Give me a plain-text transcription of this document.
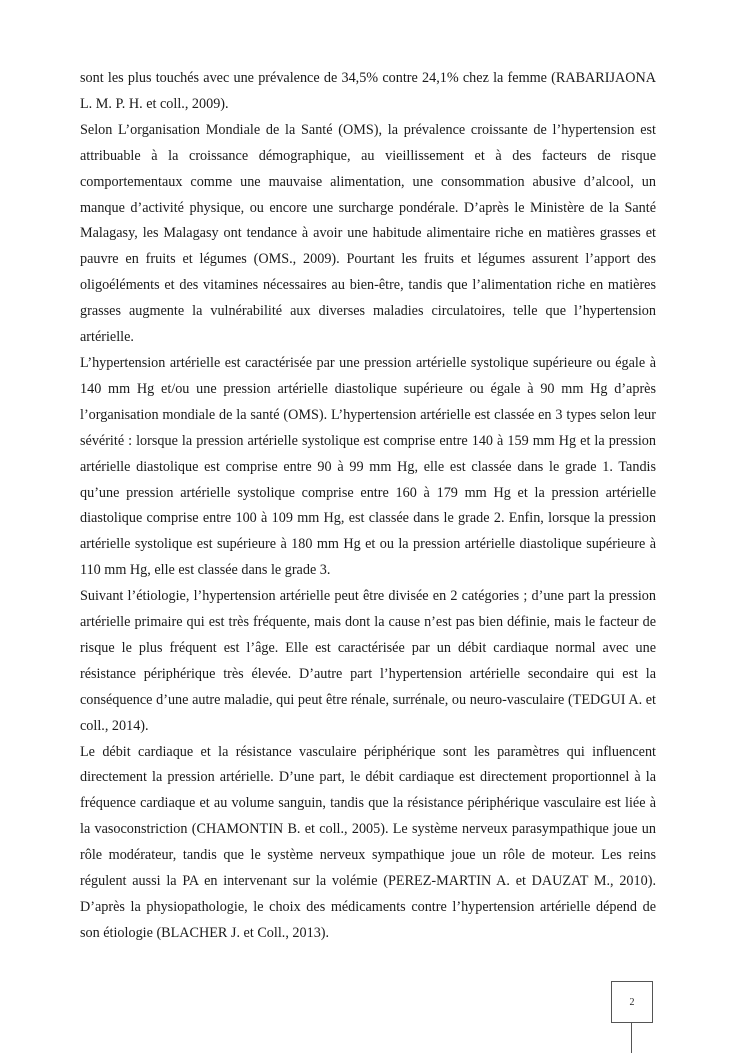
sont les plus touchés avec une prévalence de 34,5% contre 24,1% chez la femme (RABARIJAONA L. M. P. H. et coll., 2009).

Selon L’organisation Mondiale de la Santé (OMS), la prévalence croissante de l’hypertension est attribuable à la croissance démographique, au vieillissement et à des facteurs de risque comportementaux comme une mauvaise alimentation, une consommation abusive d’alcool, un manque d’activité physique, ou encore une surcharge pondérale. D’après le Ministère de la Santé Malagasy, les Malagasy ont tendance à avoir une habitude alimentaire riche en matières grasses et pauvre en fruits et légumes (OMS., 2009). Pourtant les fruits et légumes assurent l’apport des oligoéléments et des vitamines nécessaires au bien-être, tandis que l’alimentation riche en matières grasses augmente la vulnérabilité aux diverses maladies circulatoires, telle que l’hypertension artérielle.

L’hypertension artérielle est caractérisée par une pression artérielle systolique supérieure ou égale à 140 mm Hg et/ou une pression artérielle diastolique supérieure ou égale à 90 mm Hg d’après l’organisation mondiale de la santé (OMS). L’hypertension artérielle est classée en 3 types selon leur sévérité : lorsque la pression artérielle systolique est comprise entre 140 à 159 mm Hg et la pression artérielle diastolique est comprise entre 90 à 99 mm Hg, elle est classée dans le grade 1. Tandis qu’une pression artérielle systolique comprise entre 160 à 179 mm Hg et la pression artérielle diastolique comprise entre 100 à 109 mm Hg, est classée dans le grade 2. Enfin, lorsque la pression artérielle systolique est supérieure à 180 mm Hg et ou la pression artérielle diastolique supérieure à 110 mm Hg, elle est classée dans le grade 3.

Suivant l’étiologie, l’hypertension artérielle peut être divisée en 2 catégories ; d’une part la pression artérielle primaire qui est très fréquente, mais dont la cause n’est pas bien définie, mais le facteur de risque le plus fréquent est l’âge. Elle est caractérisée par un débit cardiaque normal avec une résistance périphérique très élevée. D’autre part l’hypertension artérielle secondaire qui est la conséquence d’une autre maladie, qui peut être rénale, surrénale, ou neuro-vasculaire (TEDGUI A. et coll., 2014).

Le débit cardiaque et la résistance vasculaire périphérique sont les paramètres qui influencent directement la pression artérielle. D’une part, le débit cardiaque est directement proportionnel à la fréquence cardiaque et au volume sanguin, tandis que la résistance périphérique vasculaire est liée à la vasoconstriction (CHAMONTIN B. et coll., 2005). Le système nerveux parasympathique joue un rôle modérateur, tandis que le système nerveux sympathique joue un rôle de moteur. Les reins régulent aussi la PA en intervenant sur la volémie (PEREZ-MARTIN A. et DAUZAT M., 2010). D’après la physiopathologie, le choix des médicaments contre l’hypertension artérielle dépend de son étiologie (BLACHER J. et Coll., 2013).

2
